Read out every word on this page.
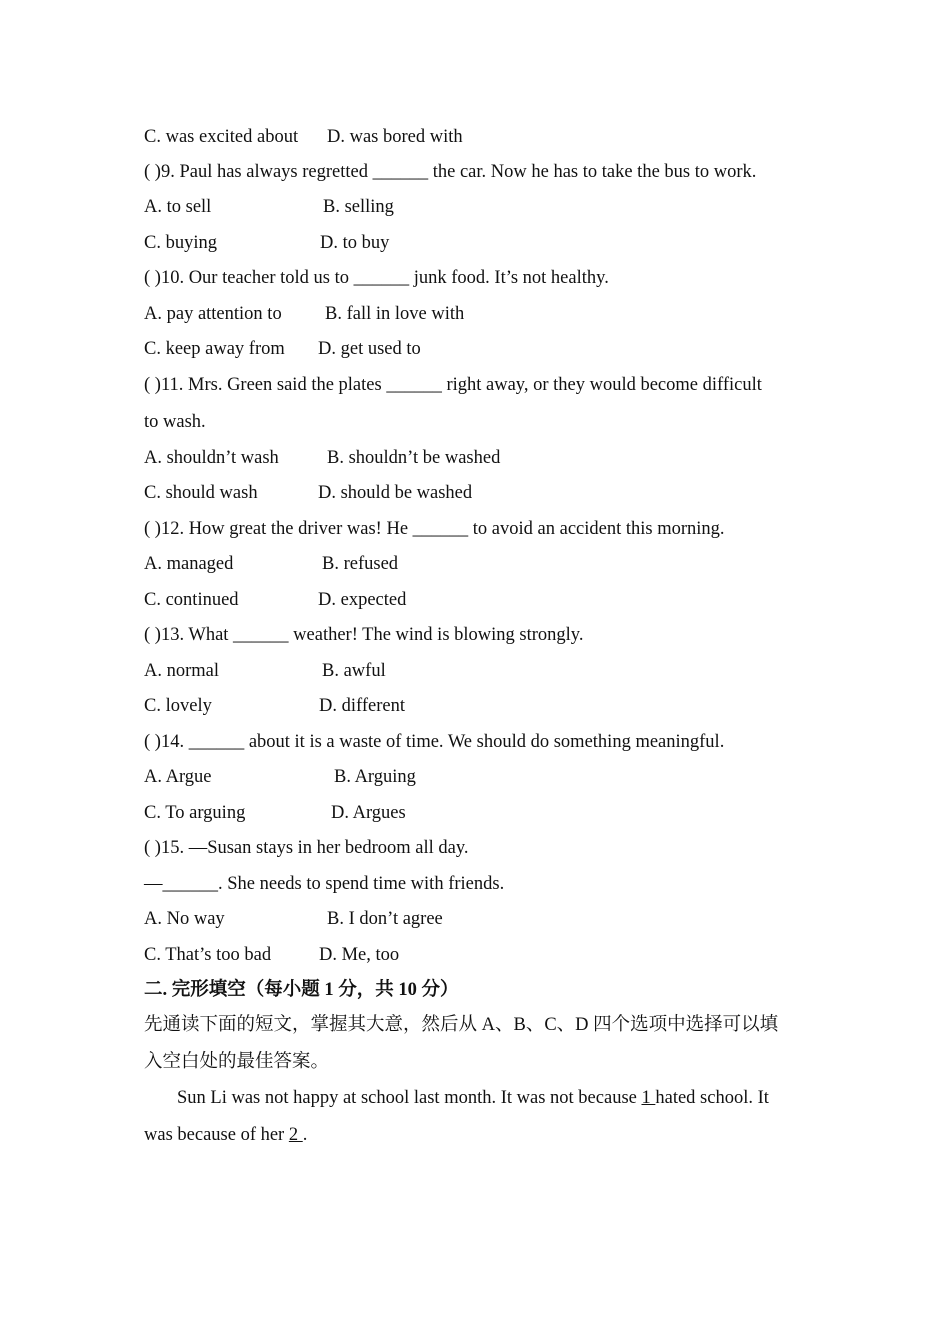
C. was excited about D. was bored with
( )9. Paul has always regretted ______ the car. Now he has to take the bus to work.
A. to sell	B. selling
C. buying	D. to buy
( )10. Our teacher told us to ______ junk food. It’s not healthy.
A. pay attention to B. fall in love with
C. keep away from D. get used to
( )11. Mrs. Green said the plates ______ right away, or they would become difficult
to wash.
A. shouldn’t wash	B. shouldn’t be washed
C. should wash	D. should be washed
( )12. How great the driver was! He ______ to avoid an accident this morning.
A. managed	B. refused
C. continued	D. expected
( )13. What ______ weather! The wind is blowing strongly.
A. normal	B. awful
C. lovely	D. different
( )14. ______ about it is a waste of time. We should do something meaningful.
A. Argue	B. Arguing
C. To arguing	D. Argues
( )15. —Susan stays in her bedroom all day.
—______. She needs to spend time with friends.
A. No way	B. I don’t agree
C. That’s too bad	D. Me, too
二. 完形填空（每小题 1 分，共 10 分）
先通读下面的短文，掌握其大意，然后从 A、B、C、D 四个选项中选择可以填
入空白处的最佳答案。
Sun Li was not happy at school last month. It was not because 1 hated school. It
was because of her 2 .
